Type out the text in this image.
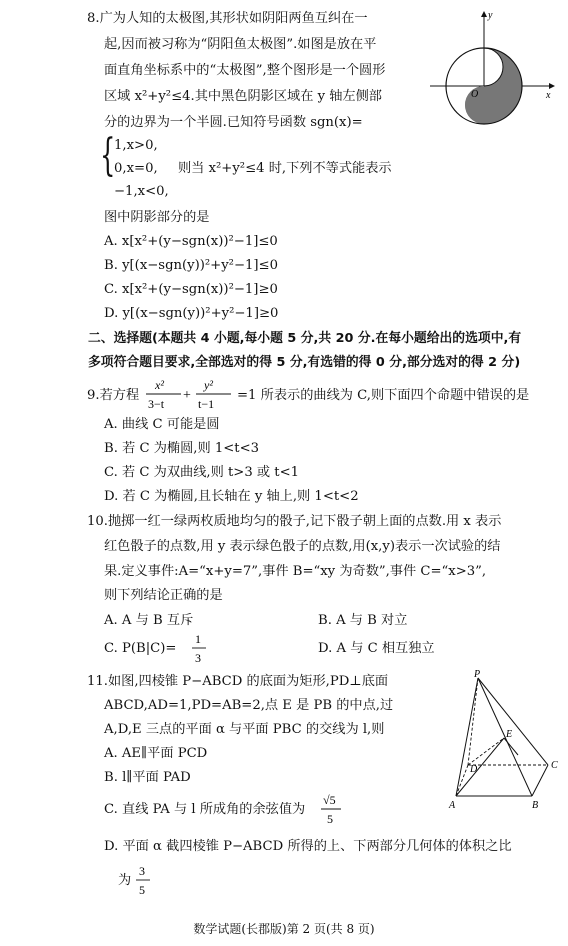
8.广为人知的太极图,其形状如阴阳两鱼互纠在一
起,因而被习称为“阴阳鱼太极图”.如图是放在平
面直角坐标系中的“太极图”,整个图形是一个圆形
区域 x²+y²≤4.其中黑色阴影区域在 y 轴左侧部
分的边界为一个半圆.已知符号函数 sgn(x)=
{
1,x>0,
0,x=0,
−1,x<0,
则当 x²+y²≤4 时,下列不等式能表示
图中阴影部分的是
A. x[x²+(y−sgn(x))²−1]≤0
B. y[(x−sgn(y))²+y²−1]≤0
C. x[x²+(y−sgn(x))²−1]≥0
D. y[(x−sgn(y))²+y²−1]≥0
y
x
O
二、选择题(本题共 4 小题,每小题 5 分,共 20 分.在每小题给出的选项中,有
多项符合题目要求,全部选对的得 5 分,有选错的得 0 分,部分选对的得 2 分)
9.若方程
x²
3−t
+
y²
t−1
=1 所表示的曲线为 C,则下面四个命题中错误的是
A. 曲线 C 可能是圆
B. 若 C 为椭圆,则 1<t<3
C. 若 C 为双曲线,则 t>3 或 t<1
D. 若 C 为椭圆,且长轴在 y 轴上,则 1<t<2
10.抛掷一红一绿两枚质地均匀的骰子,记下骰子朝上面的点数.用 x 表示
红色骰子的点数,用 y 表示绿色骰子的点数,用(x,y)表示一次试验的结
果.定义事件:A=“x+y=7”,事件 B=“xy 为奇数”,事件 C=“x>3”,
则下列结论正确的是
A. A 与 B 互斥	B. A 与 B 对立
C. P(B|C)=
1
3
D. A 与 C 相互独立
11.如图,四棱锥 P−ABCD 的底面为矩形,PD⊥底面
ABCD,AD=1,PD=AB=2,点 E 是 PB 的中点,过
A,D,E 三点的平面 α 与平面 PBC 的交线为 l,则
A. AE∥平面 PCD
B. l∥平面 PAD
C. 直线 PA 与 l 所成角的余弦值为
√5
5
D. 平面 α 截四棱锥 P−ABCD 所得的上、下两部分几何体的体积之比
为
3
5
P
E
D	C
A	B
数学试题(长郡版)第 2 页(共 8 页)
